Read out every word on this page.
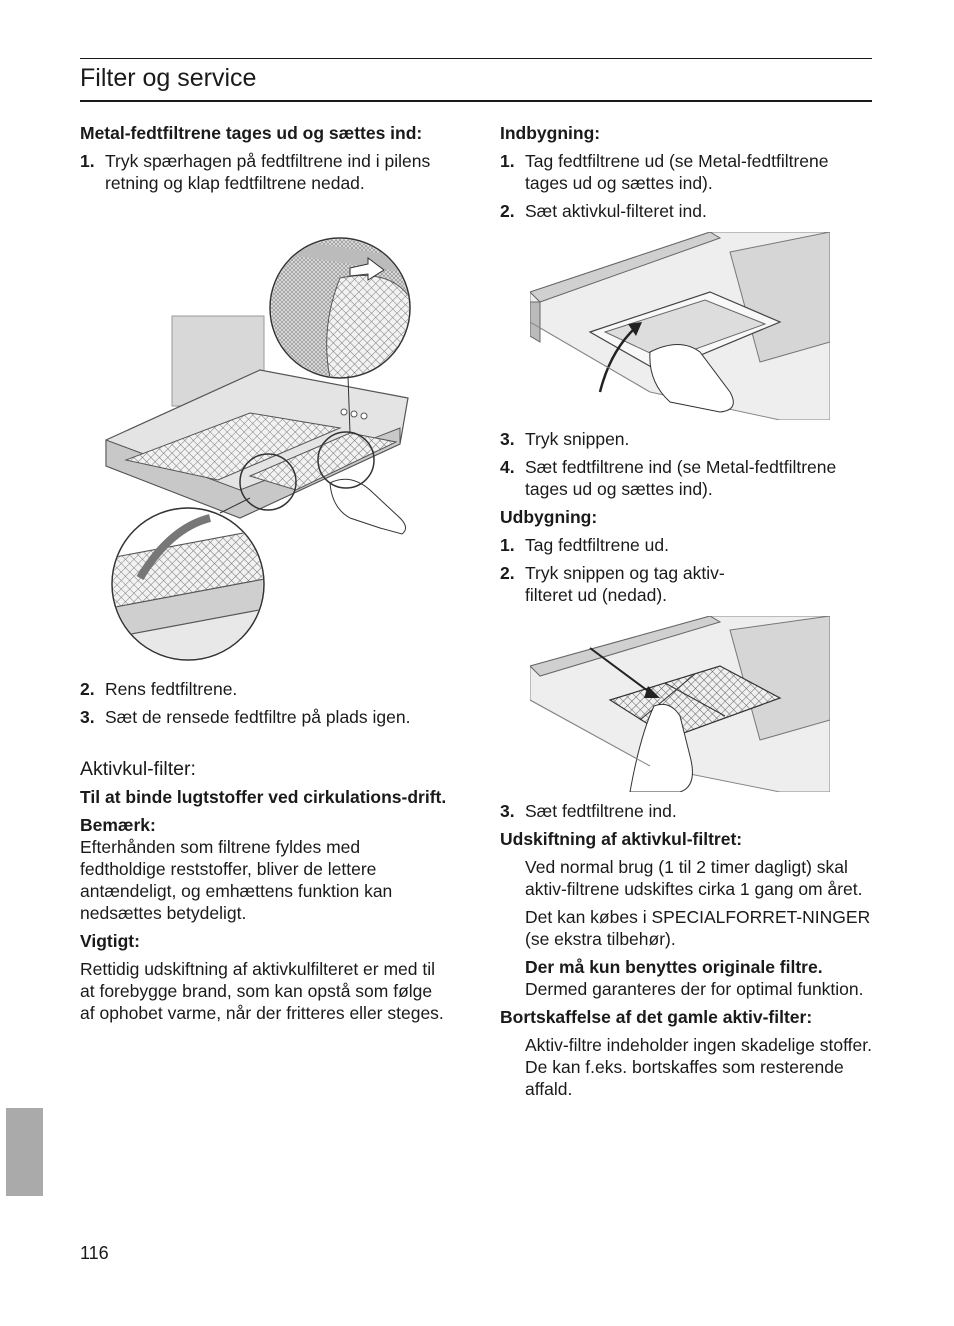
Filter og service

Metal-fedtfiltrene tages ud og sættes ind:

1. Tryk spærhagen på fedtfiltrene ind i pilens retning og klap fedtfiltrene nedad.
2. Rens fedtfiltrene.
3. Sæt de rensede fedtfiltre på plads igen.

Aktivkul-filter:

Til at binde lugtstoffer ved cirkulations-drift.

Bemærk:

Efterhånden som filtrene fyldes med fedtholdige reststoffer, bliver de lettere antændeligt, og emhættens funktion kan nedsættes betydeligt.

Vigtigt:

Rettidig udskiftning af aktivkulfilteret er med til at forebygge brand, som kan opstå som følge af ophobet varme, når der fritteres eller steges.

Indbygning:

1. Tag fedtfiltrene ud (se Metal-fedtfiltrene tages ud og sættes ind).
2. Sæt aktivkul-filteret ind.
3. Tryk snippen.
4. Sæt fedtfiltrene ind (se Metal-fedtfiltrene tages ud og sættes ind).

Udbygning:

1. Tag fedtfiltrene ud.
2. Tryk snippen og tag aktiv-filteret ud (nedad).
3. Sæt fedtfiltrene ind.

Udskiftning af aktivkul-filtret:

Ved normal brug (1 til 2 timer dagligt) skal aktiv-filtrene udskiftes cirka 1 gang om året.

Det kan købes i SPECIALFORRET-NINGER (se ekstra tilbehør).

Der må kun benyttes originale filtre. Dermed garanteres der for optimal funktion.

Bortskaffelse af det gamle aktiv-filter:

Aktiv-filtre indeholder ingen skadelige stoffer. De kan f.eks. bortskaffes som resterende affald.

116
